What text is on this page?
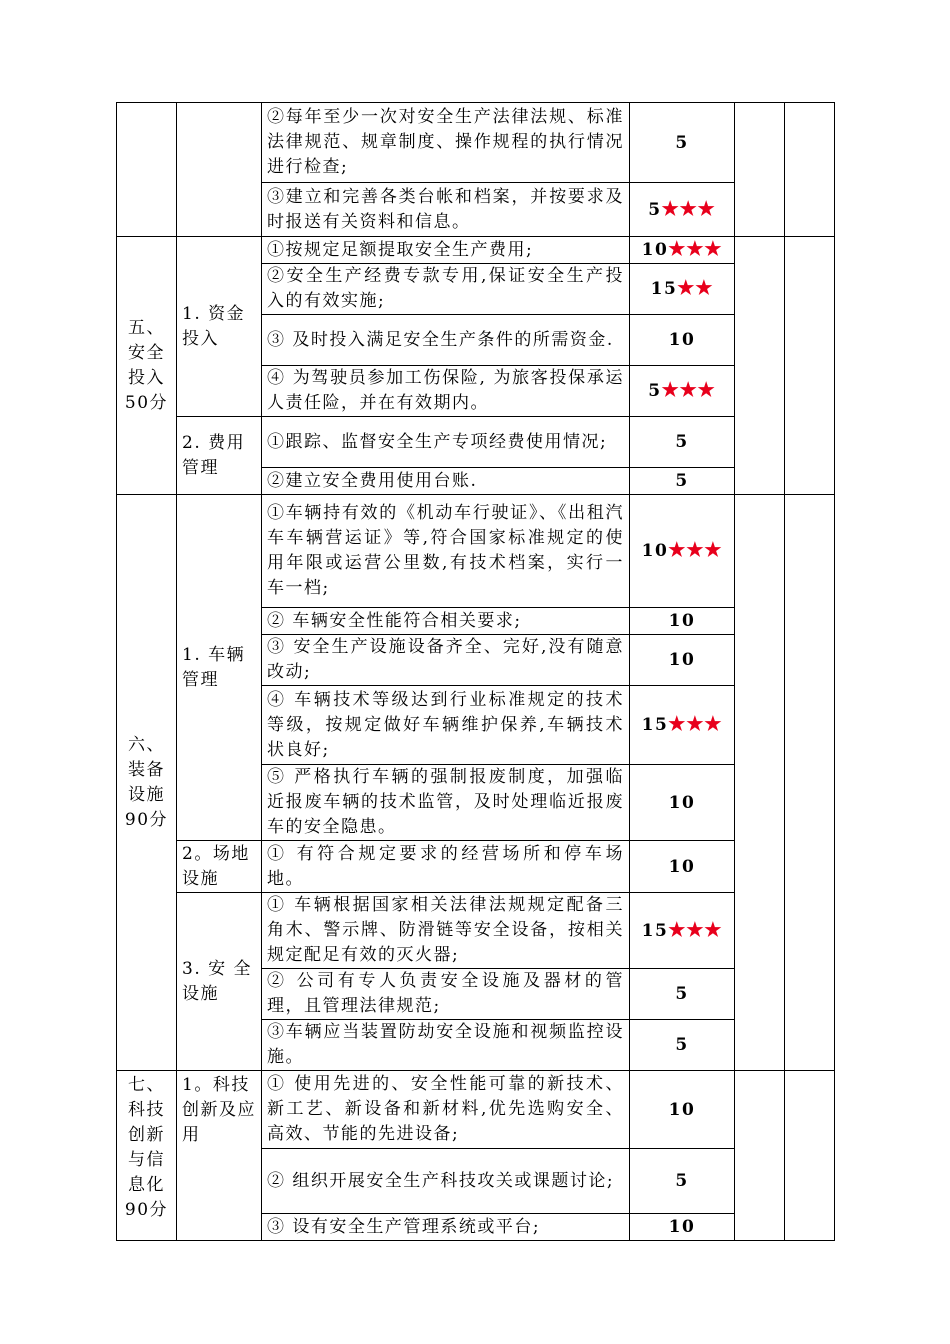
		②每年至少一次对安全生产法律法规、标准法律规范、规章制度、操作规程的执行情况进行检查;	5		
		③建立和完善各类台帐和档案，并按要求及时报送有关资料和信息。	5★★★		
五、安全投入50分	1. 资金投入	①按规定足额提取安全生产费用;	10★★★		
		②安全生产经费专款专用,保证安全生产投入的有效实施;	15★★		
		③ 及时投入满足安全生产条件的所需资金.	10		
		④ 为驾驶员参加工伤保险, 为旅客投保承运人责任险，并在有效期内。	5★★★		
	2. 费用管理	①跟踪、监督安全生产专项经费使用情况;	5		
		②建立安全费用使用台账.	5		
六、装备设施90分	1. 车辆管理	①车辆持有效的《机动车行驶证》、《出租汽车车辆营运证》等,符合国家标准规定的使用年限或运营公里数,有技术档案，实行一车一档;	10★★★		
		② 车辆安全性能符合相关要求;	10		
		③ 安全生产设施设备齐全、完好,没有随意改动;	10		
		④ 车辆技术等级达到行业标准规定的技术等级，按规定做好车辆维护保养,车辆技术状良好;	15★★★		
		⑤ 严格执行车辆的强制报废制度，加强临近报废车辆的技术监管，及时处理临近报废车的安全隐患。	10		
	2。场地设施	① 有符合规定要求的经营场所和停车场地。	10		
	3. 安 全设施	① 车辆根据国家相关法律法规规定配备三角木、警示牌、防滑链等安全设备，按相关规定配足有效的灭火器;	15★★★		
		② 公司有专人负责安全设施及器材的管理，且管理法律规范;	5		
		③车辆应当装置防劫安全设施和视频监控设施。	5		
七、科技创新与信息化90分	1。科技创新及应用	① 使用先进的、安全性能可靠的新技术、新工艺、新设备和新材料,优先选购安全、高效、节能的先进设备;	10		
		② 组织开展安全生产科技攻关或课题讨论;	5		
		③ 设有安全生产管理系统或平台;	10		
